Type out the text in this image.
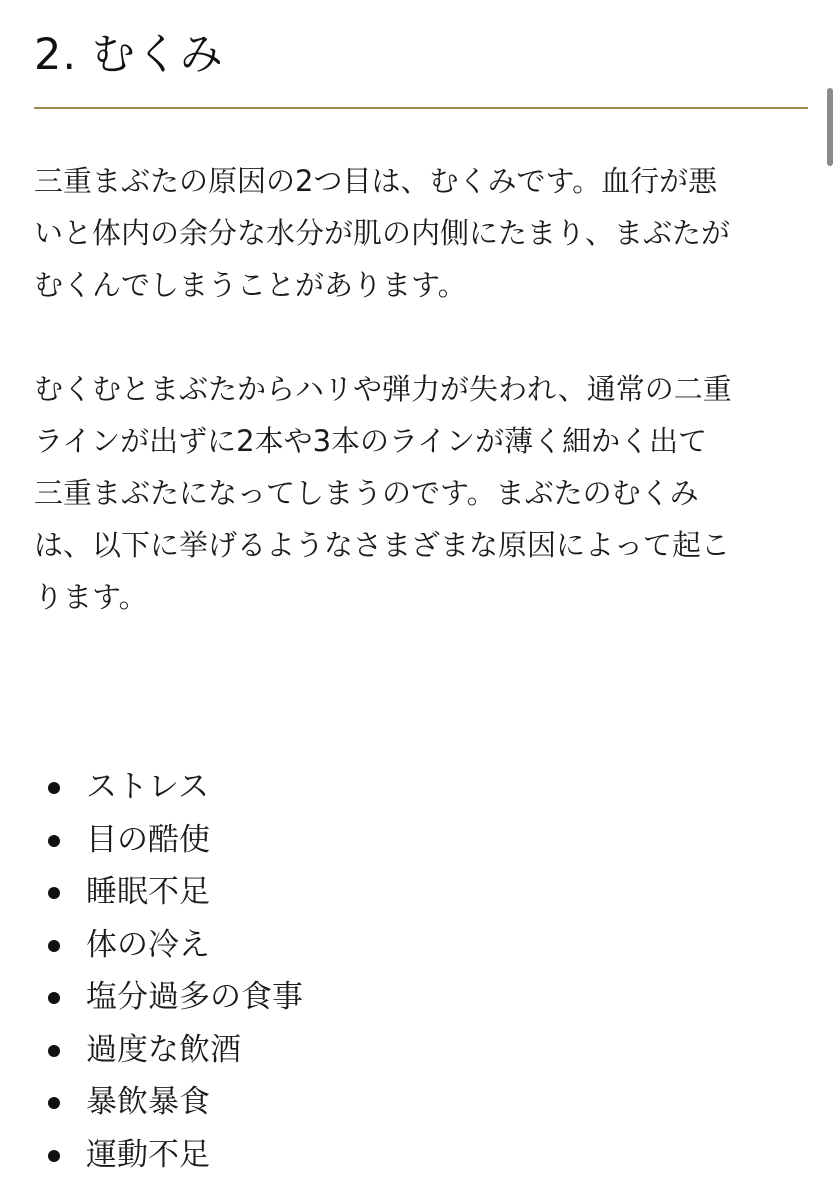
2. むくみ

三重まぶたの原因の2つ目は、むくみです。血行が悪
いと体内の余分な水分が肌の内側にたまり、まぶたが
むくんでしまうことがあります。

むくむとまぶたからハリや弾力が失われ、通常の二重
ラインが出ずに2本や3本のラインが薄く細かく出て
三重まぶたになってしまうのです。まぶたのむくみ
は、以下に挙げるようなさまざまな原因によって起こ
ります。

ストレス
目の酷使
睡眠不足
体の冷え
塩分過多の食事
過度な飲酒
暴飲暴食
運動不足
